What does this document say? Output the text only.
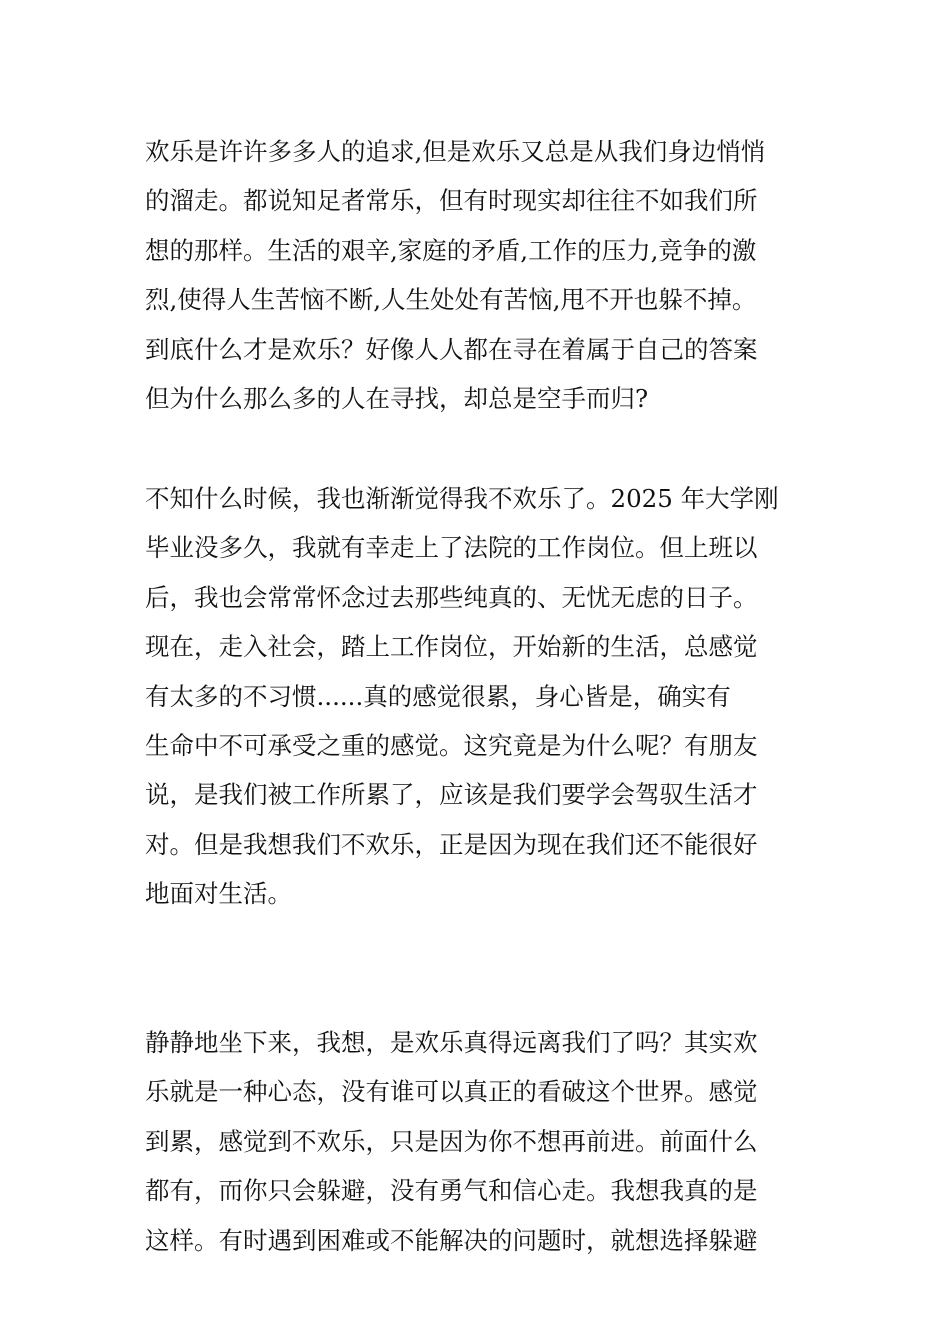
欢乐是许许多多人的追求,但是欢乐又总是从我们身边悄悄
的溜走。都说知足者常乐，但有时现实却往往不如我们所
想的那样。生活的艰辛,家庭的矛盾,工作的压力,竞争的激
烈,使得人生苦恼不断,人生处处有苦恼,甩不开也躲不掉。
到底什么才是欢乐？好像人人都在寻在着属于自己的答案
但为什么那么多的人在寻找，却总是空手而归?

不知什么时候，我也渐渐觉得我不欢乐了。2025 年大学刚
毕业没多久，我就有幸走上了法院的工作岗位。但上班以
后，我也会常常怀念过去那些纯真的、无忧无虑的日子。
现在，走入社会，踏上工作岗位，开始新的生活，总感觉
有太多的不习惯......真的感觉很累，身心皆是，确实有
生命中不可承受之重的感觉。这究竟是为什么呢？有朋友
说，是我们被工作所累了，应该是我们要学会驾驭生活才
对。但是我想我们不欢乐，正是因为现在我们还不能很好
地面对生活。

静静地坐下来，我想，是欢乐真得远离我们了吗？其实欢
乐就是一种心态，没有谁可以真正的看破这个世界。感觉
到累，感觉到不欢乐，只是因为你不想再前进。前面什么
都有，而你只会躲避，没有勇气和信心走。我想我真的是
这样。有时遇到困难或不能解决的问题时，就想选择躲避
